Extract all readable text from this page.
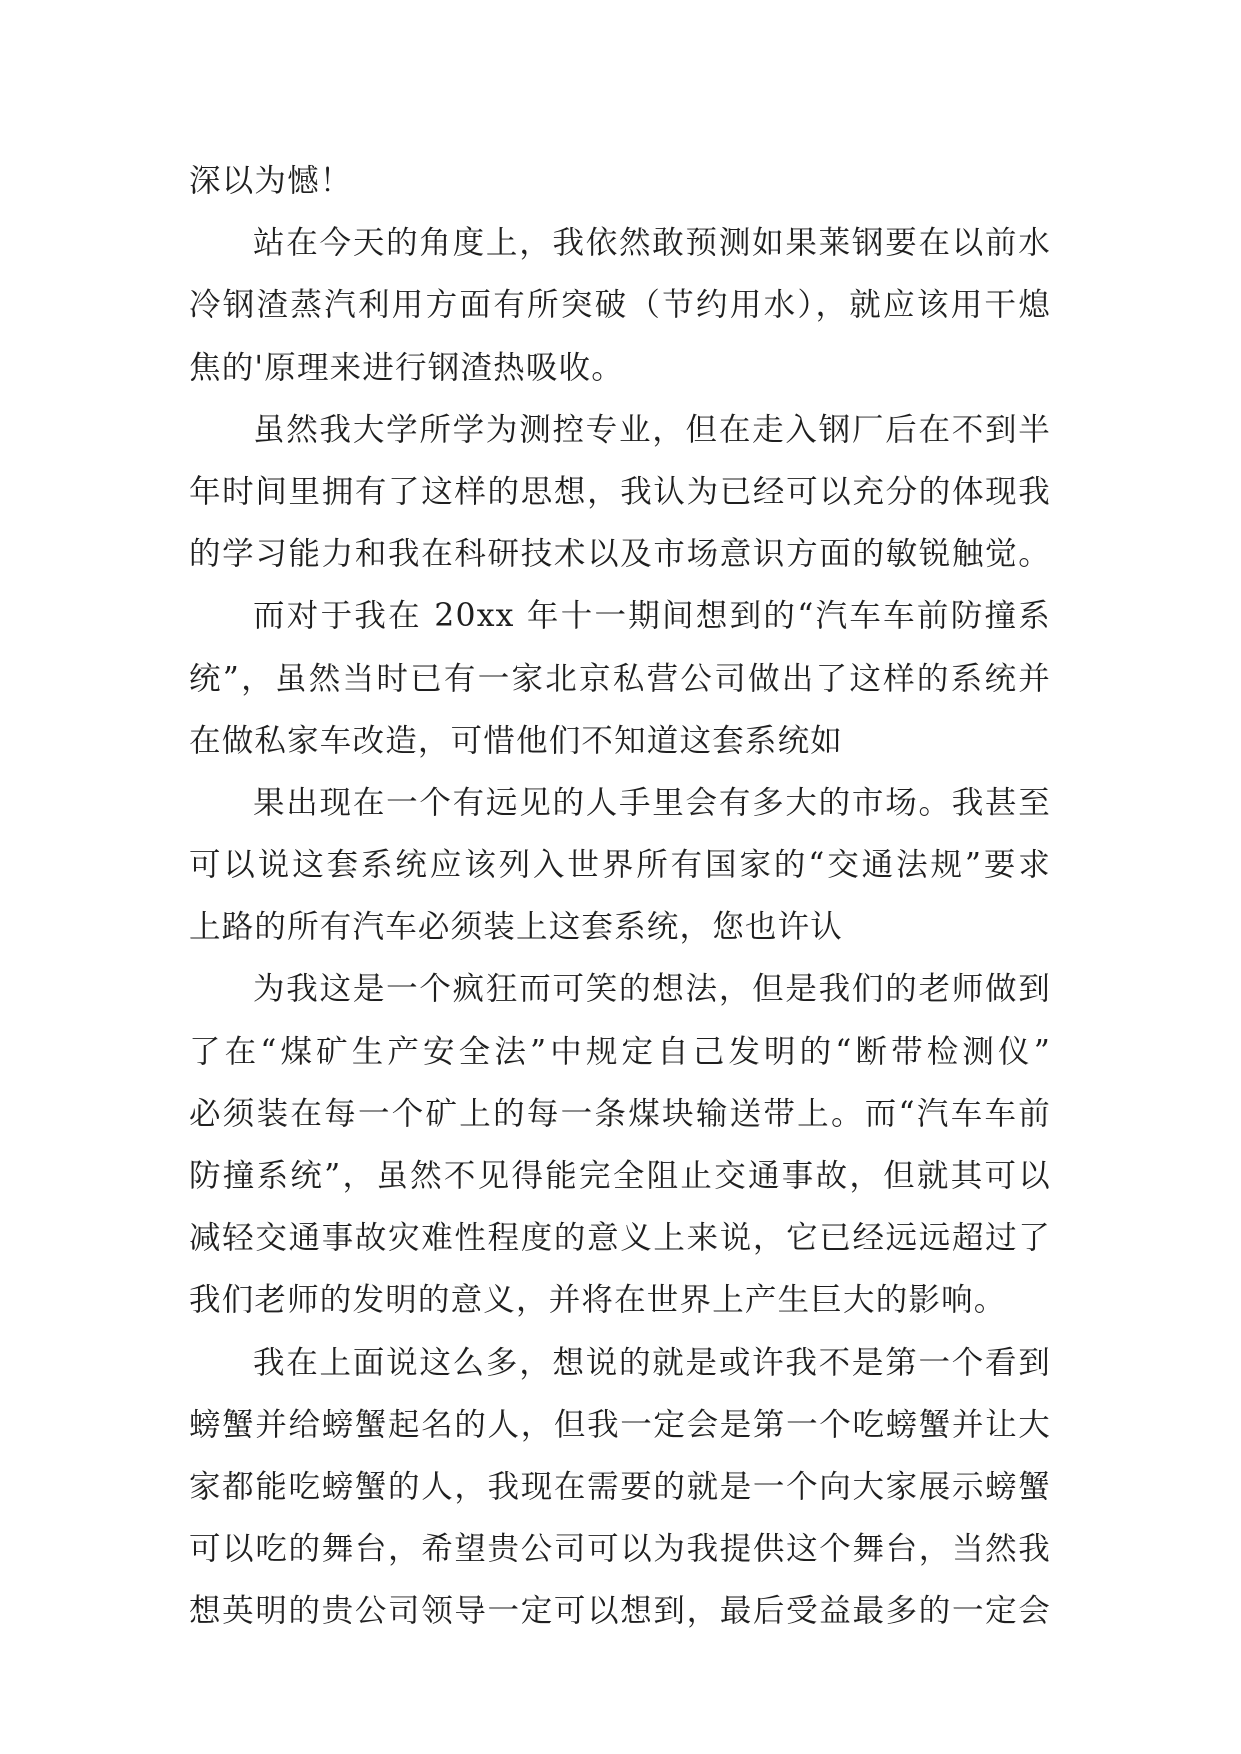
深以为憾！
站在今天的角度上，我依然敢预测如果莱钢要在以前水
冷钢渣蒸汽利用方面有所突破（节约用水），就应该用干熄
焦的'原理来进行钢渣热吸收。
虽然我大学所学为测控专业，但在走入钢厂后在不到半
年时间里拥有了这样的思想，我认为已经可以充分的体现我
的学习能力和我在科研技术以及市场意识方面的敏锐触觉。
而对于我在 20xx 年十一期间想到的“汽车车前防撞系
统”，虽然当时已有一家北京私营公司做出了这样的系统并
在做私家车改造，可惜他们不知道这套系统如
果出现在一个有远见的人手里会有多大的市场。我甚至
可以说这套系统应该列入世界所有国家的“交通法规”要求
上路的所有汽车必须装上这套系统，您也许认
为我这是一个疯狂而可笑的想法，但是我们的老师做到
了在“煤矿生产安全法”中规定自己发明的“断带检测仪”
必须装在每一个矿上的每一条煤块输送带上。而“汽车车前
防撞系统”，虽然不见得能完全阻止交通事故，但就其可以
减轻交通事故灾难性程度的意义上来说，它已经远远超过了
我们老师的发明的意义，并将在世界上产生巨大的影响。
我在上面说这么多，想说的就是或许我不是第一个看到
螃蟹并给螃蟹起名的人，但我一定会是第一个吃螃蟹并让大
家都能吃螃蟹的人，我现在需要的就是一个向大家展示螃蟹
可以吃的舞台，希望贵公司可以为我提供这个舞台，当然我
想英明的贵公司领导一定可以想到，最后受益最多的一定会
